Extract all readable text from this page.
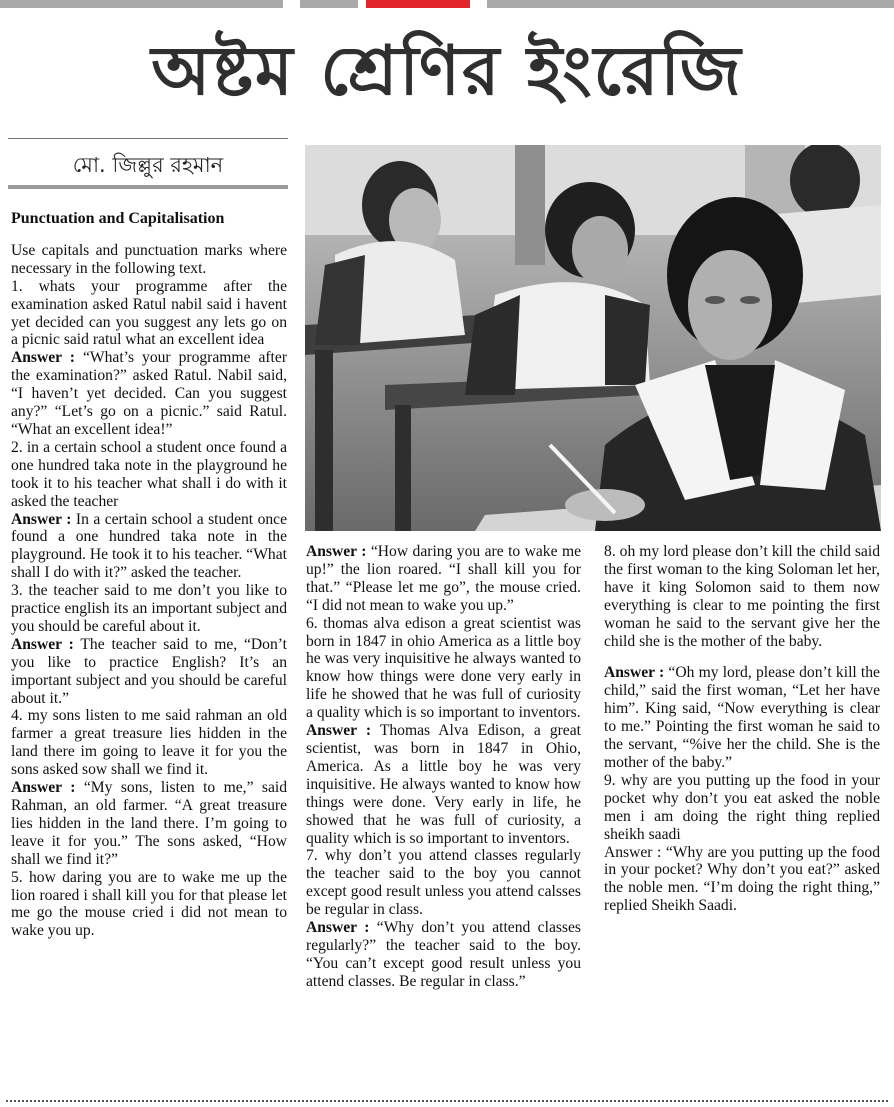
অষ্টম শ্রেণির ইংরেজি
মো. জিল্লুর রহমান

Punctuation and Capitalisation

Use capitals and punctuation marks where necessary in the following text.

1. whats your programme after the examination asked Ratul nabil said i havent yet decided can you suggest any lets go on a picnic said ratul what an excellent idea

Answer : “What’s your programme after the examination?” asked Ratul. Nabil said, “I haven’t yet decided. Can you suggest any?” “Let’s go on a picnic.” said Ratul. “What an excellent idea!”

2. in a certain school a student once found a one hundred taka note in the playground he took it to his teacher what shall i do with it asked the teacher

Answer : In a certain school a student once found a one hundred taka note in the playground. He took it to his teacher. “What shall I do with it?” asked the teacher.

3. the teacher said to me don’t you like to practice english its an important subject and you should be careful about it.

Answer : The teacher said to me, “Don’t you like to practice English? It’s an important subject and you should be careful about it.”

4. my sons listen to me said rahman an old farmer a great treasure lies hidden in the land there im going to leave it for you the sons asked sow shall we find it.

Answer : “My sons, listen to me,” said Rahman, an old farmer. “A great treasure lies hidden in the land there. I’m going to leave it for you.” The sons asked, “How shall we find it?”

5. how daring you are to wake me up the lion roared i shall kill you for that please let me go the mouse cried i did not mean to wake you up.

Answer : “How daring you are to wake me up!” the lion roared. “I shall kill you for that.” “Please let me go”, the mouse cried. “I did not mean to wake you up.”

6. thomas alva edison a great scientist was born in 1847 in ohio America as a little boy he was very inquisitive he always wanted to know how things were done very early in life he showed that he was full of curiosity a quality which is so important to inventors.

Answer : Thomas Alva Edison, a great scientist, was born in 1847 in Ohio, America. As a little boy he was very inquisitive. He always wanted to know how things were done. Very early in life, he showed that he was full of curiosity, a quality which is so important to inventors.

7. why don’t you attend classes regularly the teacher said to the boy you cannot except good result unless you attend calsses be regular in class.

Answer : “Why don’t you attend classes regularly?” the teacher said to the boy. “You can’t except good result unless you attend classes. Be regular in class.”

8. oh my lord please don’t kill the child said the first woman to the king Soloman let her, have it king Solomon said to them now everything is clear to me pointing the first woman he said to the servant give her the child she is the mother of the baby.

Answer : “Oh my lord, please don’t kill the child,” said the first woman, “Let her have him”. King said, “Now everything is clear to me.” Pointing the first woman he said to the servant, “%ive her the child. She is the mother of the baby.”

9. why are you putting up the food in your pocket why don’t you eat asked the noble men i am doing the right thing replied sheikh saadi

Answer : “Why are you putting up the food in your pocket? Why don’t you eat?” asked the noble men. “I’m doing the right thing,” replied Sheikh Saadi.
